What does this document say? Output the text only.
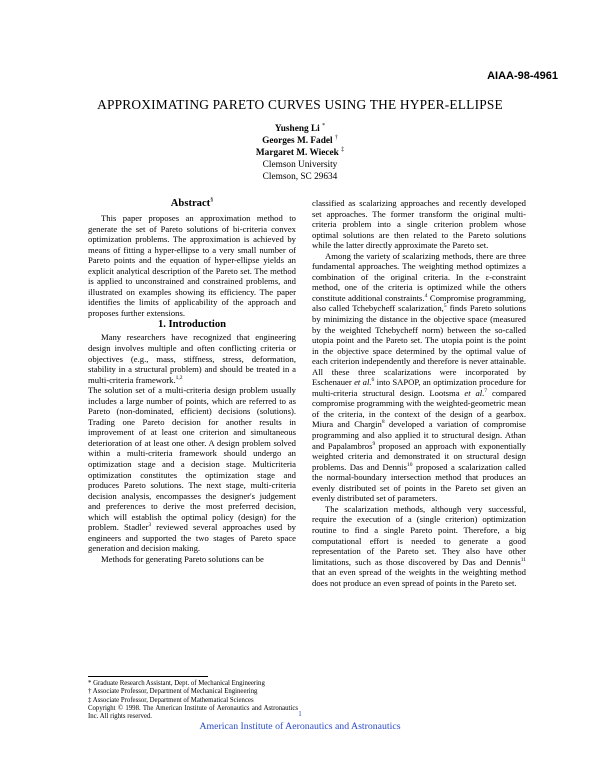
AIAA-98-4961
APPROXIMATING PARETO CURVES USING THE HYPER-ELLIPSE
Yusheng Li *
Georges M. Fadel †
Margaret M. Wiecek ‡
Clemson University
Clemson, SC 29634
Abstract§

This paper proposes an approximation method to generate the set of Pareto solutions of bi-criteria convex optimization problems. The approximation is achieved by means of fitting a hyper-ellipse to a very small number of Pareto points and the equation of hyper-ellipse yields an explicit analytical description of the Pareto set. The method is applied to unconstrained and constrained problems, and illustrated on examples showing its efficiency. The paper identifies the limits of applicability of the approach and proposes further extensions.

1. Introduction

Many researchers have recognized that engineering design involves multiple and often conflicting criteria or objectives (e.g., mass, stiffness, stress, deformation, stability in a structural problem) and should be treated in a multi-criteria framework.$^{1,2}$

The solution set of a multi-criteria design problem usually includes a large number of points, which are referred to as Pareto (non-dominated, efficient) decisions (solutions). Trading one Pareto decision for another results in improvement of at least one criterion and simultaneous deterioration of at least one other. A design problem solved within a multi-criteria framework should undergo an optimization stage and a decision stage. Multicriteria optimization constitutes the optimization stage and produces Pareto solutions. The next stage, multi-criteria decision analysis, encompasses the designer's judgement and preferences to derive the most preferred decision, which will establish the optimal policy (design) for the problem. Stadler$^3$ reviewed several approaches used by engineers and supported the two stages of Pareto space generation and decision making.

Methods for generating Pareto solutions can be

classified as scalarizing approaches and recently developed set approaches. The former transform the original multi-criteria problem into a single criterion problem whose optimal solutions are then related to the Pareto solutions while the latter directly approximate the Pareto set.

Among the variety of scalarizing methods, there are three fundamental approaches. The weighting method optimizes a combination of the original criteria. In the ε-constraint method, one of the criteria is optimized while the others constitute additional constraints.$^4$ Compromise programming, also called Tchebycheff scalarization,$^5$ finds Pareto solutions by minimizing the distance in the objective space (measured by the weighted Tchebycheff norm) between the so-called utopia point and the Pareto set. The utopia point is the point in the objective space determined by the optimal value of each criterion independently and therefore is never attainable. All these three scalarizations were incorporated by Eschenauer et al.$^6$ into SAPOP, an optimization procedure for multi-criteria structural design. Lootsma et al.$^7$ compared compromise programming with the weighted-geometric mean of the criteria, in the context of the design of a gearbox. Miura and Chargin$^8$ developed a variation of compromise programming and also applied it to structural design. Athan and Papalambros$^9$ proposed an approach with exponentially weighted criteria and demonstrated it on structural design problems. Das and Dennis$^{10}$ proposed a scalarization called the normal-boundary intersection method that produces an evenly distributed set of points in the Pareto set given an evenly distributed set of parameters.

The scalarization methods, although very successful, require the execution of a (single criterion) optimization routine to find a single Pareto point. Therefore, a big computational effort is needed to generate a good representation of the Pareto set. They also have other limitations, such as those discovered by Das and Dennis$^{11}$ that an even spread of the weights in the weighting method does not produce an even spread of points in the Pareto set.

* Graduate Research Assistant, Dept. of Mechanical Engineering
† Associate Professor, Department of Mechanical Engineering
‡ Associate Professor, Department of Mathematical Sciences
Copyright © 1998. The American Institute of Aeronautics and Astronautics Inc. All rights reserved.	1
American Institute of Aeronautics and Astronautics
